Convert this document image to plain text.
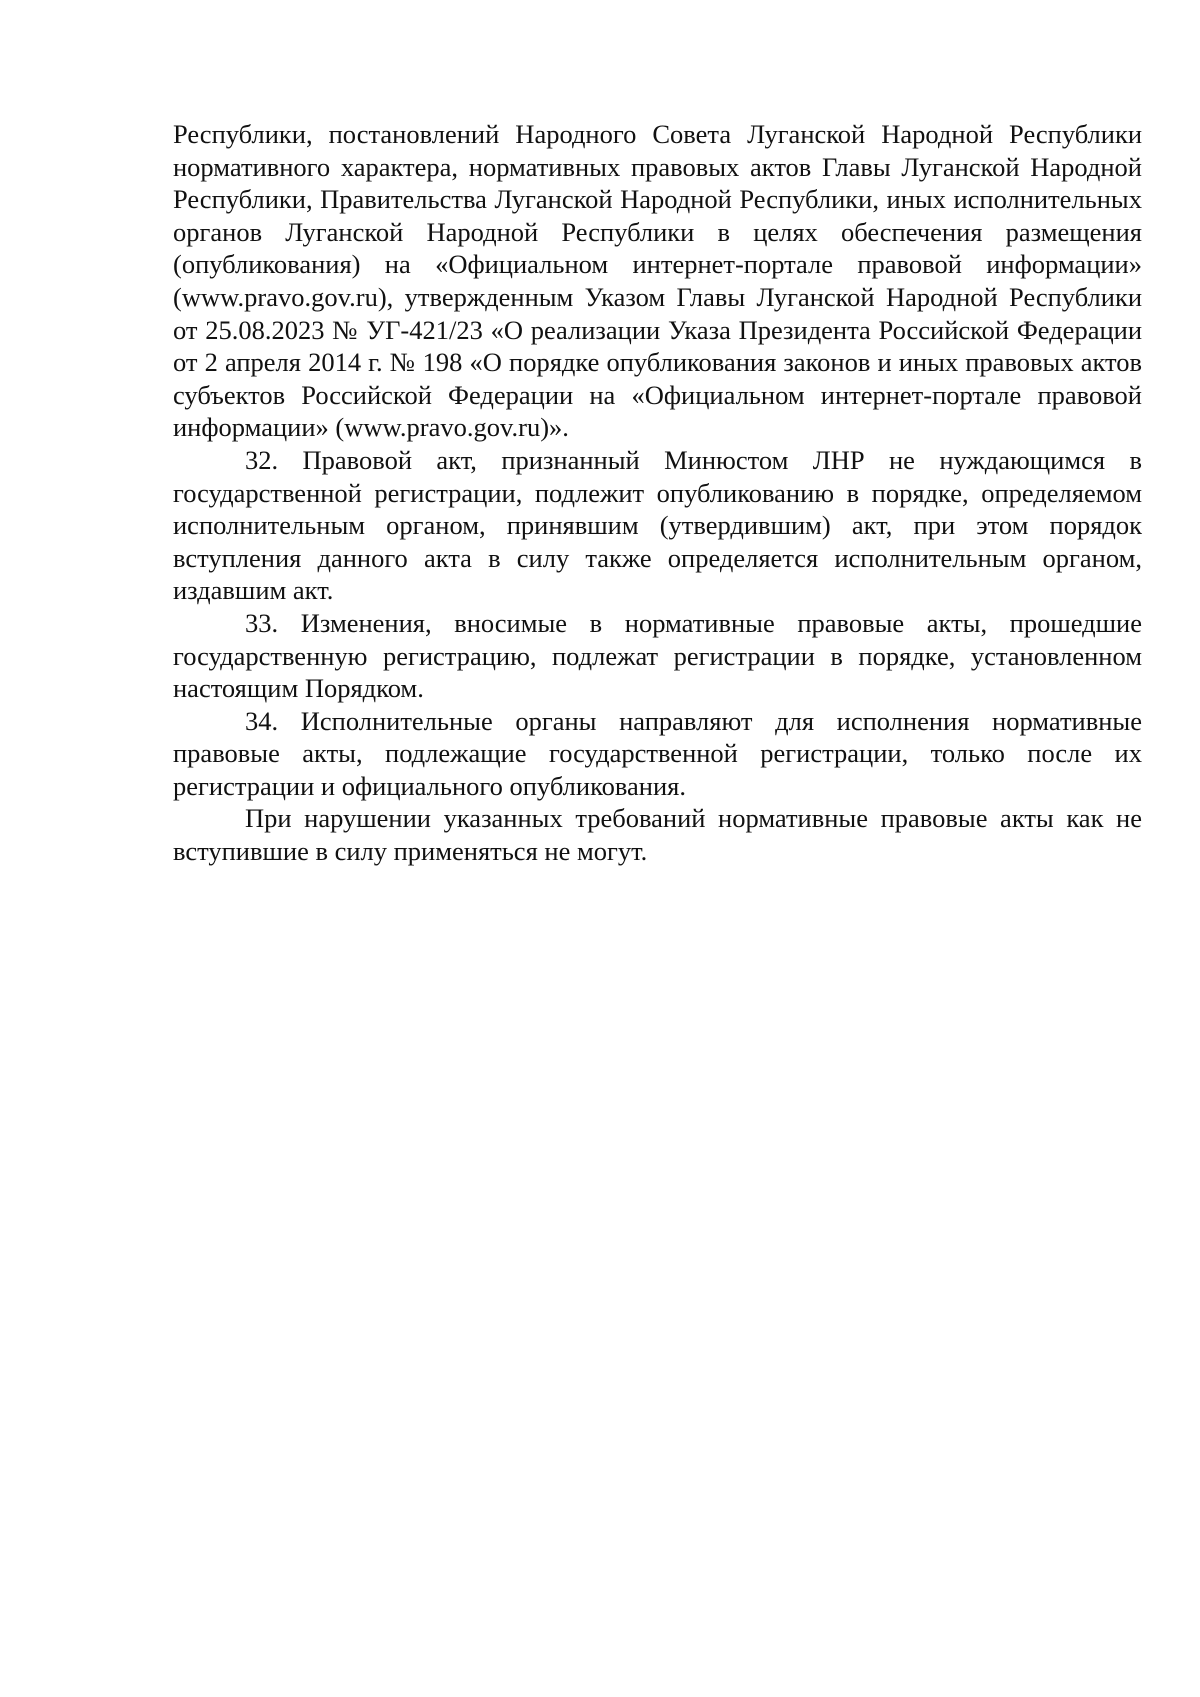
Республики, постановлений Народного Совета Луганской Народной Республики нормативного характера, нормативных правовых актов Главы Луганской Народной Республики, Правительства Луганской Народной Республики, иных исполнительных органов Луганской Народной Республики в целях обеспечения размещения (опубликования) на «Официальном интернет-портале правовой информации» (www.pravo.gov.ru), утвержденным Указом Главы Луганской Народной Республики от 25.08.2023 № УГ-421/23 «О реализации Указа Президента Российской Федерации от 2 апреля 2014 г. № 198 «О порядке опубликования законов и иных правовых актов субъектов Российской Федерации на «Официальном интернет-портале правовой информации» (www.pravo.gov.ru)».

32. Правовой акт, признанный Минюстом ЛНР не нуждающимся в государственной регистрации, подлежит опубликованию в порядке, определяемом исполнительным органом, принявшим (утвердившим) акт, при этом порядок вступления данного акта в силу также определяется исполнительным органом, издавшим акт.

33. Изменения, вносимые в нормативные правовые акты, прошедшие государственную регистрацию, подлежат регистрации в порядке, установленном настоящим Порядком.

34. Исполнительные органы направляют для исполнения нормативные правовые акты, подлежащие государственной регистрации, только после их регистрации и официального опубликования.

При нарушении указанных требований нормативные правовые акты как не вступившие в силу применяться не могут.
